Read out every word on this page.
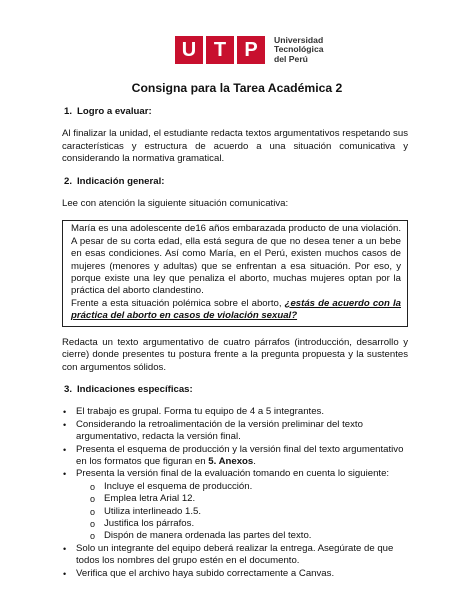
U T P	Universidad
Tecnológica
del Perú
Consigna para la Tarea Académica 2
1. Logro a evaluar:
Al finalizar la unidad, el estudiante redacta textos argumentativos respetando sus características y estructura de acuerdo a una situación comunicativa y considerando la normativa gramatical.
2. Indicación general:
Lee con atención la siguiente situación comunicativa:

María es una adolescente de16 años embarazada producto de una violación. A pesar de su corta edad, ella está segura de que no desea tener a un bebe en esas condiciones. Así como María, en el Perú, existen muchos casos de mujeres (menores y adultas) que se enfrentan a esa situación. Por eso, y porque existe una ley que penaliza el aborto, muchas mujeres optan por la práctica del aborto clandestino.

Frente a esta situación polémica sobre el aborto, ¿estás de acuerdo con la práctica del aborto en casos de violación sexual?

Redacta un texto argumentativo de cuatro párrafos (introducción, desarrollo y cierre) donde presentes tu postura frente a la pregunta propuesta y la sustentes con argumentos sólidos.
3. Indicaciones específicas:
• El trabajo es grupal. Forma tu equipo de 4 a 5 integrantes.
• Considerando la retroalimentación de la versión preliminar del texto argumentativo, redacta la versión final.
• Presenta el esquema de producción y la versión final del texto argumentativo en los formatos que figuran en 5. Anexos.
• Presenta la versión final de la evaluación tomando en cuenta lo siguiente:
o Incluye el esquema de producción.
o Emplea letra Arial 12.
o Utiliza interlineado 1.5.
o Justifica los párrafos.
o Dispón de manera ordenada las partes del texto.
• Solo un integrante del equipo deberá realizar la entrega. Asegúrate de que todos los nombres del grupo estén en el documento.
• Verifica que el archivo haya subido correctamente a Canvas.
